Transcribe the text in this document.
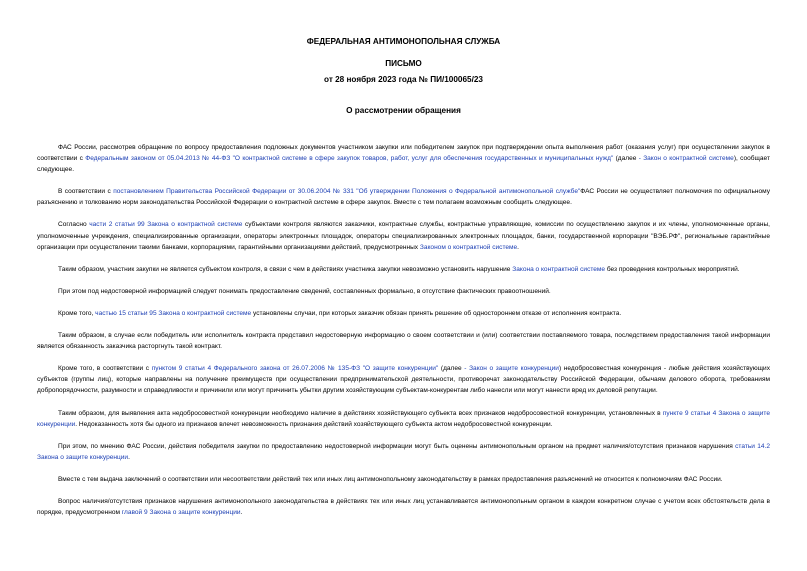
ФЕДЕРАЛЬНАЯ АНТИМОНОПОЛЬНАЯ СЛУЖБА
ПИСЬМО
от 28 ноября 2023 года № ПИ/100065/23
О рассмотрении обращения

ФАС России, рассмотрев обращение по вопросу предоставления подложных документов участником закупки или победителем закупок при подтверждении опыта выполнения работ (оказания услуг) при осуществлении закупок в соответствии с Федеральным законом от 05.04.2013 № 44-ФЗ "О контрактной системе в сфере закупок товаров, работ, услуг для обеспечения государственных и муниципальных нужд" (далее - Закон о контрактной системе), сообщает следующее.

В соответствии с постановлением Правительства Российской Федерации от 30.06.2004 № 331 "Об утверждении Положения о Федеральной антимонопольной службе"ФАС России не осуществляет полномочия по официальному разъяснению и толкованию норм законодательства Российской Федерации о контрактной системе в сфере закупок. Вместе с тем полагаем возможным сообщить следующее.

Согласно части 2 статьи 99 Закона о контрактной системе субъектами контроля являются заказчики, контрактные службы, контрактные управляющие, комиссии по осуществлению закупок и их члены, уполномоченные органы, уполномоченные учреждения, специализированные организации, операторы электронных площадок, операторы специализированных электронных площадок, банки, государственной корпорации "ВЭБ.РФ", региональные гарантийные организации при осуществлении такими банками, корпорациями, гарантийными организациями действий, предусмотренных Законом о контрактной системе.

Таким образом, участник закупки не является субъектом контроля, в связи с чем в действиях участника закупки невозможно установить нарушение Закона о контрактной системе без проведения контрольных мероприятий.

При этом под недостоверной информацией следует понимать предоставление сведений, составленных формально, в отсутствие фактических правоотношений.

Кроме того, частью 15 статьи 95 Закона о контрактной системе установлены случаи, при которых заказчик обязан принять решение об одностороннем отказе от исполнения контракта.

Таким образом, в случае если победитель или исполнитель контракта представил недостоверную информацию о своем соответствии и (или) соответствии поставляемого товара, последствием предоставления такой информации является обязанность заказчика расторгнуть такой контракт.

Кроме того, в соответствии с пунктом 9 статьи 4 Федерального закона от 26.07.2006 № 135-ФЗ "О защите конкуренции" (далее - Закон о защите конкуренции) недобросовестная конкуренция - любые действия хозяйствующих субъектов (группы лиц), которые направлены на получение преимуществ при осуществлении предпринимательской деятельности, противоречат законодательству Российской Федерации, обычаям делового оборота, требованиям добропорядочности, разумности и справедливости и причинили или могут причинить убытки другим хозяйствующим субъектам-конкурентам либо нанесли или могут нанести вред их деловой репутации.

Таким образом, для выявления акта недобросовестной конкуренции необходимо наличие в действиях хозяйствующего субъекта всех признаков недобросовестной конкуренции, установленных в пункте 9 статьи 4 Закона о защите конкуренции. Недоказанность хотя бы одного из признаков влечет невозможность признания действий хозяйствующего субъекта актом недобросовестной конкуренции.

При этом, по мнению ФАС России, действия победителя закупки по предоставлению недостоверной информации могут быть оценены антимонопольным органом на предмет наличия/отсутствия признаков нарушения статьи 14.2 Закона о защите конкуренции.

Вместе с тем выдача заключений о соответствии или несоответствии действий тех или иных лиц антимонопольному законодательству в рамках предоставления разъяснений не относится к полномочиям ФАС России.

Вопрос наличия/отсутствия признаков нарушения антимонопольного законодательства в действиях тех или иных лиц устанавливается антимонопольным органом в каждом конкретном случае с учетом всех обстоятельств дела в порядке, предусмотренном главой 9 Закона о защите конкуренции.
